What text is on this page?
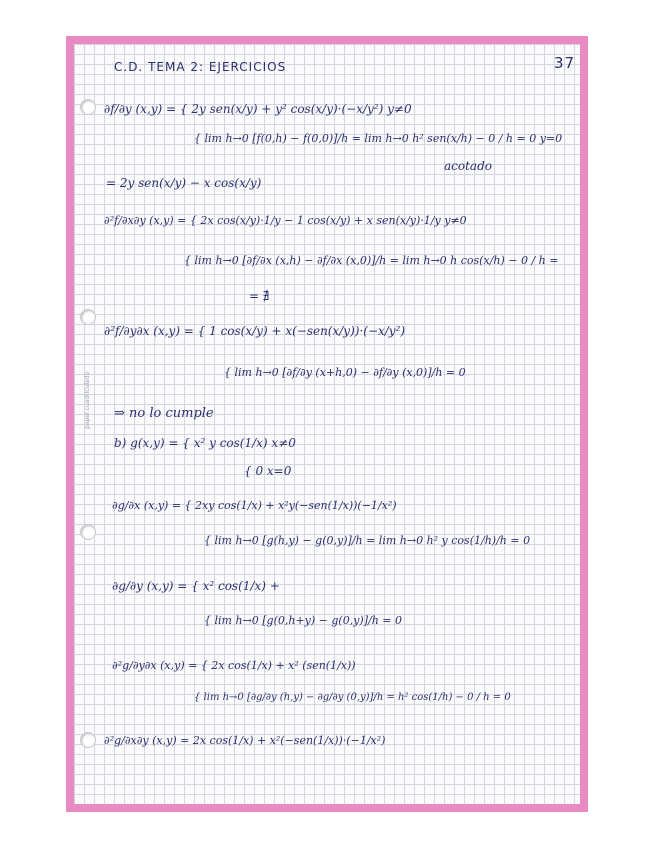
C.D. TEMA 2: EJERCICIOS	37
papel cuadriculado
∂f/∂y (x,y) = { 2y sen(x/y) + y² cos(x/y)·(−x/y²) y≠0
{ lim h→0 [f(0,h) − f(0,0)]/h = lim h→0 h² sen(x/h) − 0 / h = 0 y=0
acotado
= 2y sen(x/y) − x cos(x/y)
∂²f/∂x∂y (x,y) = { 2x cos(x/y)·1/y − 1 cos(x/y) + x sen(x/y)·1/y y≠0
{ lim h→0 [∂f/∂x (x,h) − ∂f/∂x (x,0)]/h = lim h→0 h cos(x/h) − 0 / h =
= ∄
∂²f/∂y∂x (x,y) = { 1 cos(x/y) + x(−sen(x/y))·(−x/y²)
{ lim h→0 [∂f/∂y (x+h,0) − ∂f/∂y (x,0)]/h = 0
⇒ no lo cumple
b) g(x,y) = { x² y cos(1/x) x≠0
{ 0 x=0
∂g/∂x (x,y) = { 2xy cos(1/x) + x²y(−sen(1/x))(−1/x²)
{ lim h→0 [g(h,y) − g(0,y)]/h = lim h→0 h² y cos(1/h)/h = 0
∂g/∂y (x,y) = { x² cos(1/x) +
{ lim h→0 [g(0,h+y) − g(0,y)]/h = 0
∂²g/∂y∂x (x,y) = { 2x cos(1/x) + x² (sen(1/x))
{ lim h→0 [∂g/∂y (h,y) − ∂g/∂y (0,y)]/h = h² cos(1/h) − 0 / h = 0
∂²g/∂x∂y (x,y) = 2x cos(1/x) + x²(−sen(1/x))·(−1/x²)
